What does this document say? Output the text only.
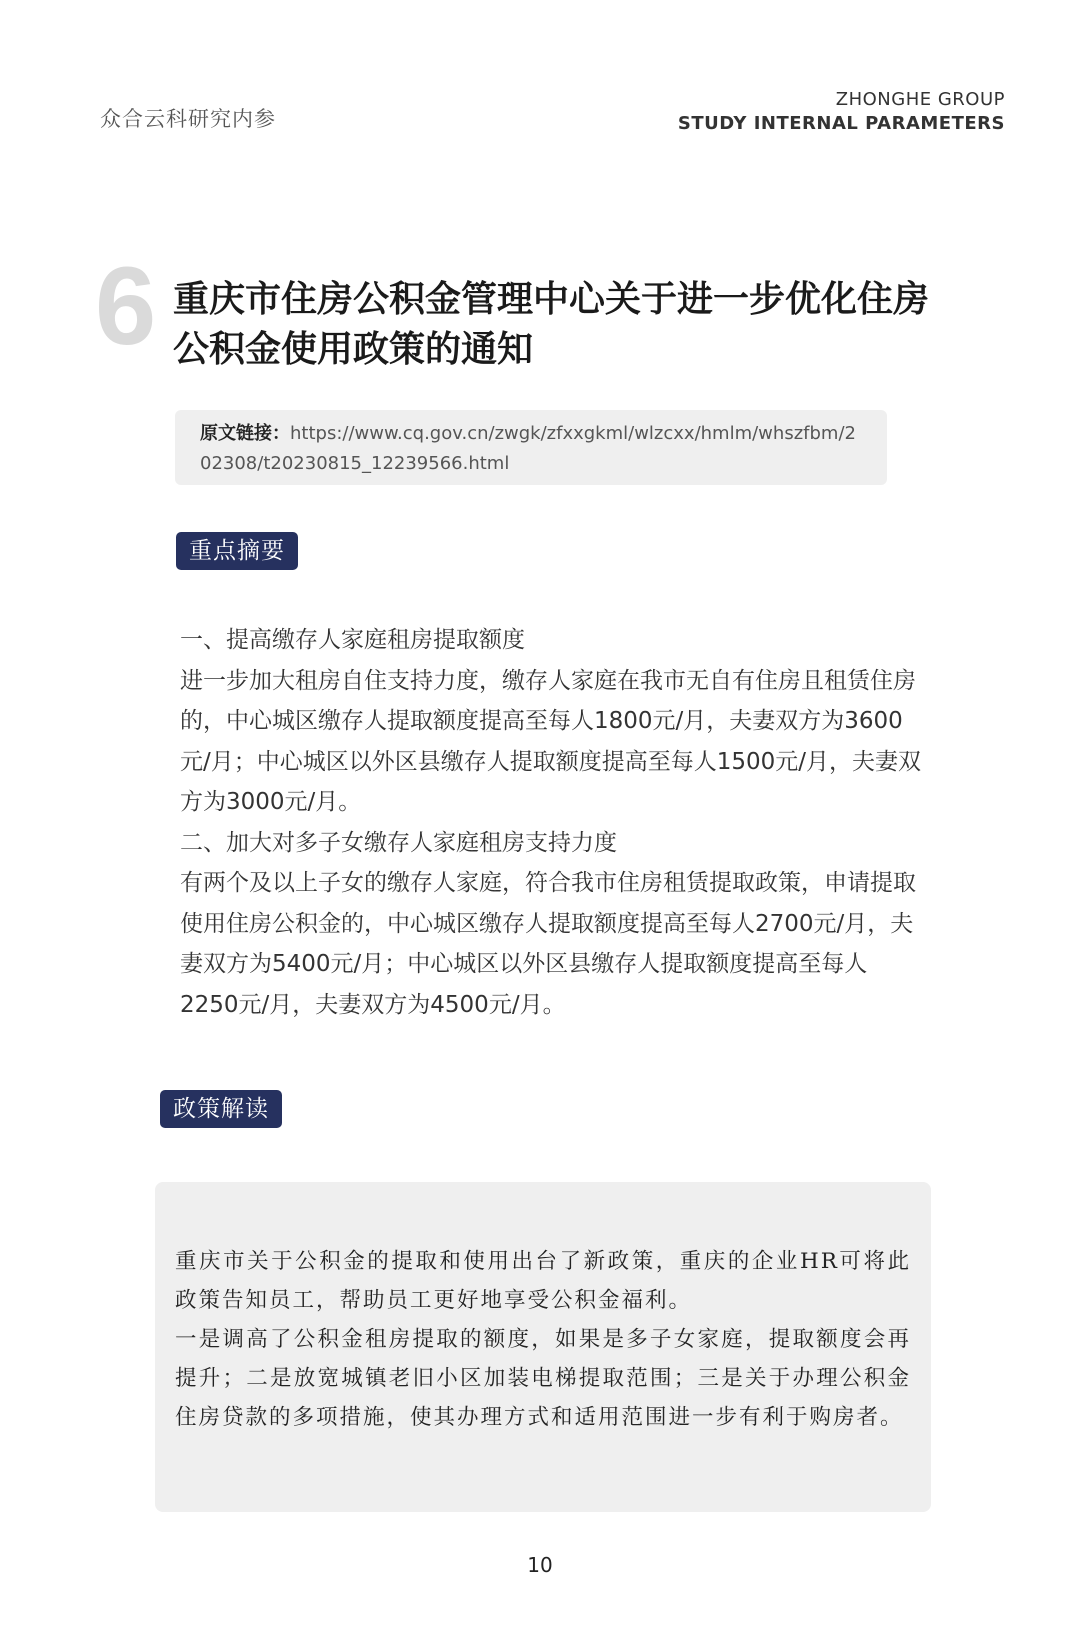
众合云科研究内参
ZHONGHE GROUP
STUDY INTERNAL PARAMETERS
6 重庆市住房公积金管理中心关于进一步优化住房公积金使用政策的通知
原文链接：https://www.cq.gov.cn/zwgk/zfxxgkml/wlzcxx/hmlm/whszfbm/202308/t20230815_12239566.html
重点摘要

一、提高缴存人家庭租房提取额度

进一步加大租房自住支持力度，缴存人家庭在我市无自有住房且租赁住房的，中心城区缴存人提取额度提高至每人1800元/月，夫妻双方为3600元/月；中心城区以外区县缴存人提取额度提高至每人1500元/月，夫妻双方为3000元/月。

二、加大对多子女缴存人家庭租房支持力度

有两个及以上子女的缴存人家庭，符合我市住房租赁提取政策，申请提取使用住房公积金的，中心城区缴存人提取额度提高至每人2700元/月，夫妻双方为5400元/月；中心城区以外区县缴存人提取额度提高至每人2250元/月，夫妻双方为4500元/月。

政策解读

重庆市关于公积金的提取和使用出台了新政策，重庆的企业HR可将此政策告知员工，帮助员工更好地享受公积金福利。

一是调高了公积金租房提取的额度，如果是多子女家庭，提取额度会再提升；二是放宽城镇老旧小区加装电梯提取范围；三是关于办理公积金住房贷款的多项措施，使其办理方式和适用范围进一步有利于购房者。

10
